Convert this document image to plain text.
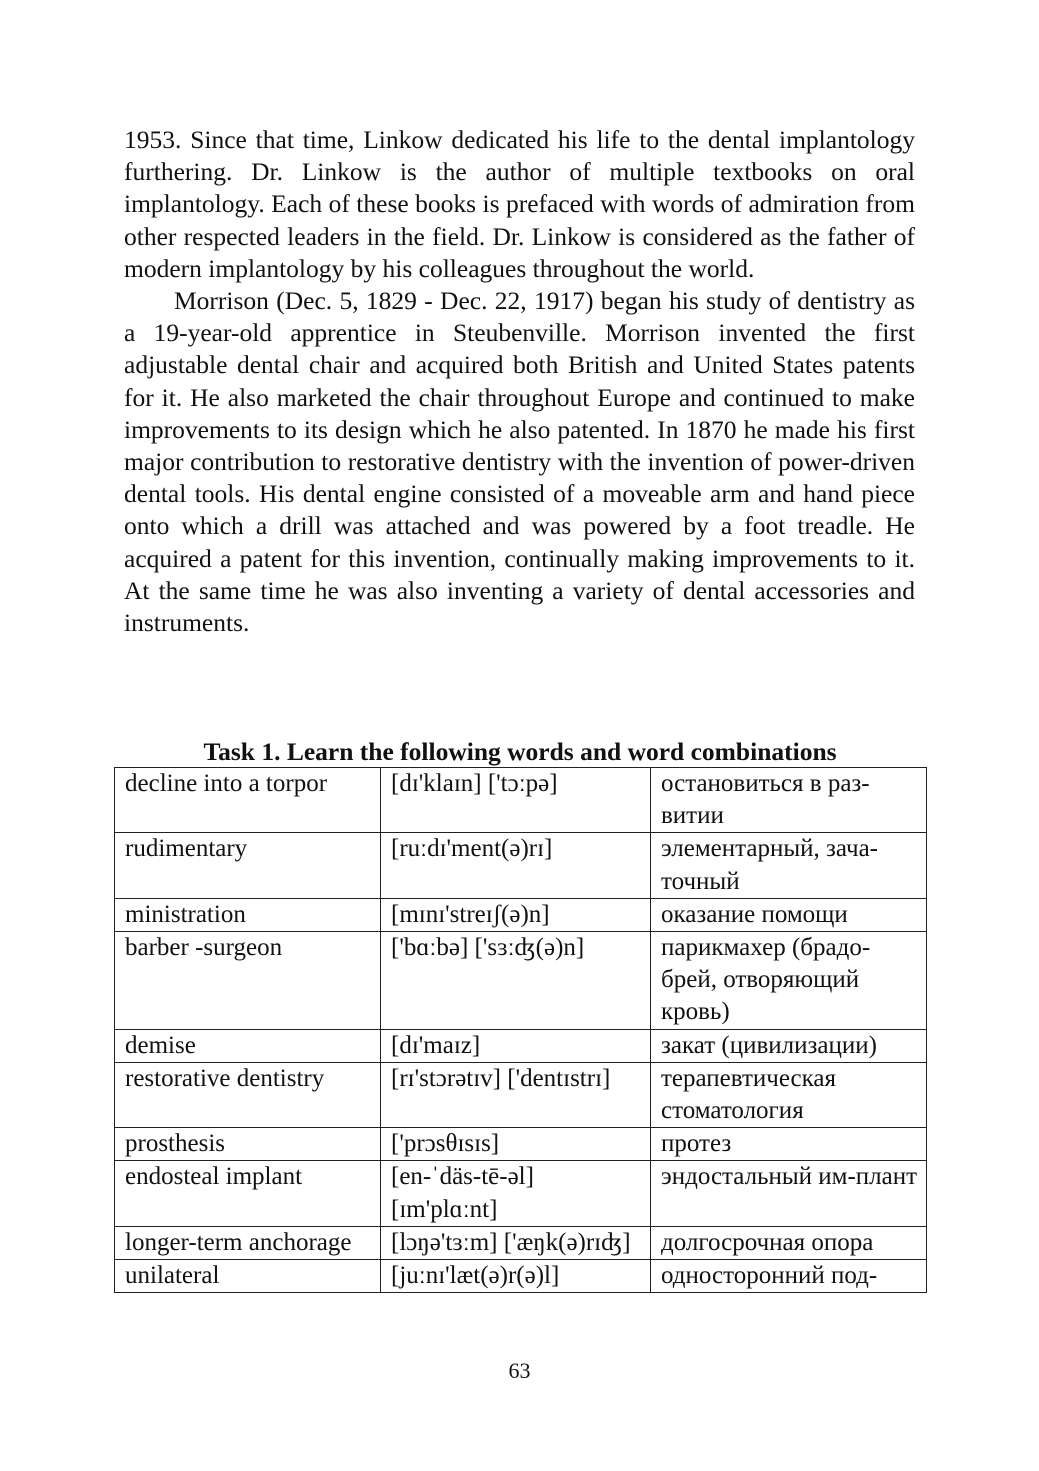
1953. Since that time, Linkow dedicated his life to the dental implantology furthering. Dr. Linkow is the author of multiple textbooks on oral implantology. Each of these books is prefaced with words of admiration from other respected leaders in the field. Dr. Linkow is considered as the father of modern implantology by his colleagues throughout the world.

Morrison (Dec. 5, 1829 - Dec. 22, 1917) began his study of dentistry as a 19-year-old apprentice in Steubenville. Morrison invented the first adjustable dental chair and acquired both British and United States patents for it. He also marketed the chair throughout Europe and continued to make improvements to its design which he also patented. In 1870 he made his first major contribution to restorative dentistry with the invention of power-driven dental tools. His dental engine consisted of a moveable arm and hand piece onto which a drill was attached and was powered by a foot treadle. He acquired a patent for this invention, continually making improvements to it. At the same time he was also inventing a variety of dental accessories and instruments.

Task 1. Learn the following words and word combinations
decline into a torpor	[dɪ'klaɪn] ['tɔːpə]	остановиться в раз-витии
rudimentary	[ruːdɪ'ment(ə)rɪ]	элементарный, зача-точный
ministration	[mɪnɪ'streɪʃ(ə)n]	оказание помощи
barber -surgeon	['bɑːbə] ['sɜːʤ(ə)n]	парикмахер (брадо-брей, отворяющий кровь)
demise	[dɪ'maɪz]	закат (цивилизации)
restorative dentistry	[rɪ'stɔrətɪv] ['dentɪstrɪ]	терапевтическая стоматология
prosthesis	['prɔsθɪsɪs]	протез
endosteal implant	[en-ˈdäs-tē-əl] [ɪm'plɑːnt]	эндостальный им-плант
longer-term anchorage	[lɔŋə'tɜːm] ['æŋk(ə)rɪʤ]	долгосрочная опора
unilateral	[juːnɪ'læt(ə)r(ə)l]	односторонний под-
63
